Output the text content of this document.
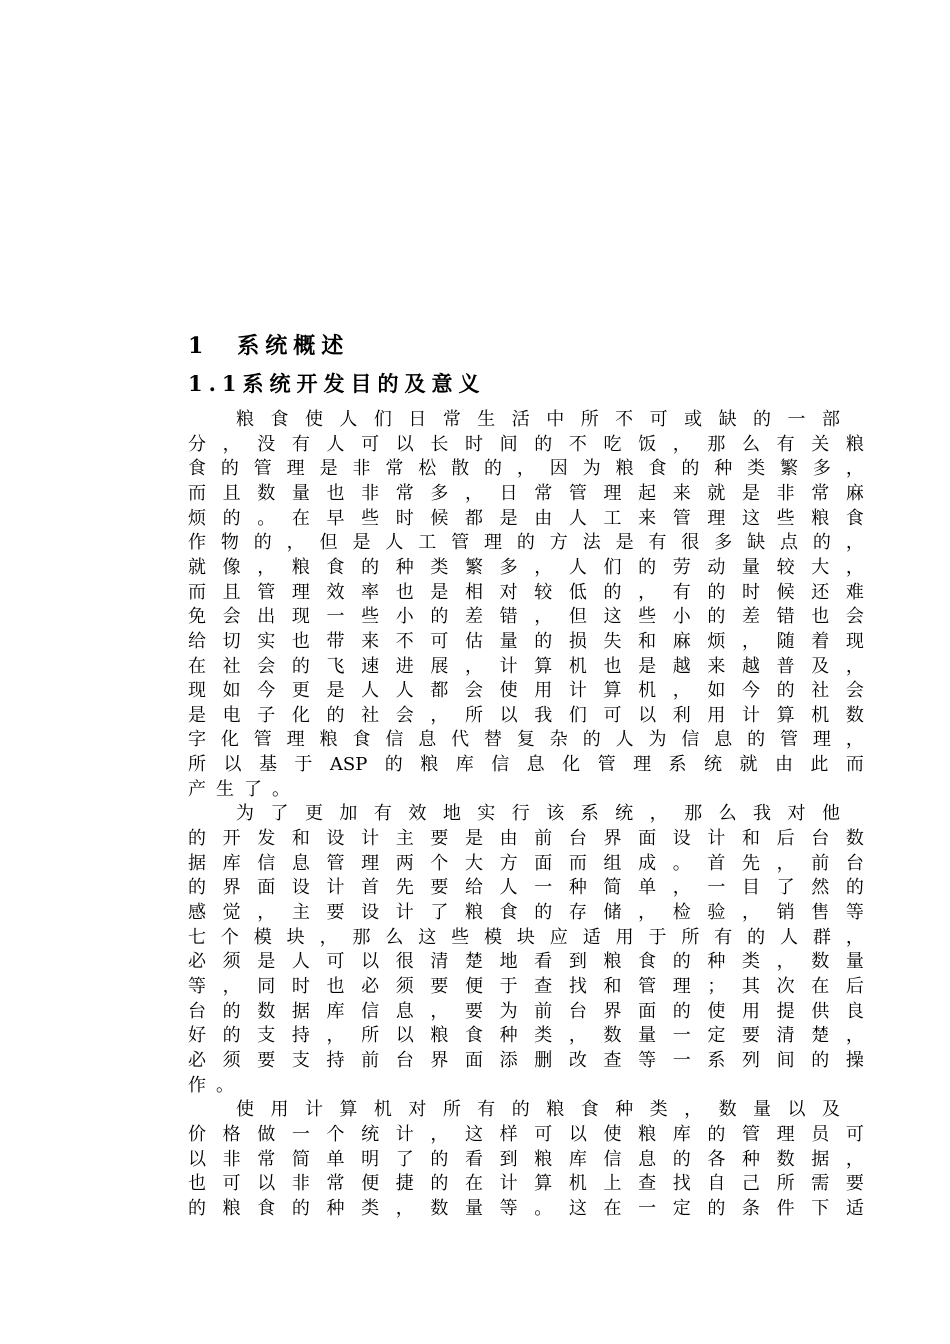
1　系统概述
1.1系统开发目的及意义
粮 食 使 人 们 日 常 生 活 中 所 不 可 或 缺 的 一 部
分 ， 没 有 人 可 以 长 时 间 的 不 吃 饭 ， 那 么 有 关 粮
食 的 管 理 是 非 常 松 散 的 ， 因 为 粮 食 的 种 类 繁 多 ，
而 且 数 量 也 非 常 多 ， 日 常 管 理 起 来 就 是 非 常 麻
烦 的 。 在 早 些 时 候 都 是 由 人 工 来 管 理 这 些 粮 食
作 物 的 ， 但 是 人 工 管 理 的 方 法 是 有 很 多 缺 点 的 ，
就 像 ， 粮 食 的 种 类 繁 多 ， 人 们 的 劳 动 量 较 大 ，
而 且 管 理 效 率 也 是 相 对 较 低 的 ， 有 的 时 候 还 难
免 会 出 现 一 些 小 的 差 错 ， 但 这 些 小 的 差 错 也 会
给 切 实 也 带 来 不 可 估 量 的 损 失 和 麻 烦 ， 随 着 现
在 社 会 的 飞 速 进 展 ， 计 算 机 也 是 越 来 越 普 及 ，
现 如 今 更 是 人 人 都 会 使 用 计 算 机 ， 如 今 的 社 会
是 电 子 化 的 社 会 ， 所 以 我 们 可 以 利 用 计 算 机 数
字 化 管 理 粮 食 信 息 代 替 复 杂 的 人 为 信 息 的 管 理 ，
所 以 基 于 ASP 的 粮 库 信 息 化 管 理 系 统 就 由 此 而
产 生 了 。
为 了 更 加 有 效 地 实 行 该 系 统 ， 那 么 我 对 他
的 开 发 和 设 计 主 要 是 由 前 台 界 面 设 计 和 后 台 数
据 库 信 息 管 理 两 个 大 方 面 而 组 成 。 首 先 ， 前 台
的 界 面 设 计 首 先 要 给 人 一 种 简 单 ， 一 目 了 然 的
感 觉 ， 主 要 设 计 了 粮 食 的 存 储 ， 检 验 ， 销 售 等
七 个 模 块 ， 那 么 这 些 模 块 应 适 用 于 所 有 的 人 群 ，
必 须 是 人 可 以 很 清 楚 地 看 到 粮 食 的 种 类 ， 数 量
等 ， 同 时 也 必 须 要 便 于 查 找 和 管 理 ； 其 次 在 后
台 的 数 据 库 信 息 ， 要 为 前 台 界 面 的 使 用 提 供 良
好 的 支 持 ， 所 以 粮 食 种 类 ， 数 量 一 定 要 清 楚 ，
必 须 要 支 持 前 台 界 面 添 删 改 查 等 一 系 列 间 的 操
作 。
使 用 计 算 机 对 所 有 的 粮 食 种 类 ， 数 量 以 及
价 格 做 一 个 统 计 ， 这 样 可 以 使 粮 库 的 管 理 员 可
以 非 常 简 单 明 了 的 看 到 粮 库 信 息 的 各 种 数 据 ，
也 可 以 非 常 便 捷 的 在 计 算 机 上 查 找 自 己 所 需 要
的 粮 食 的 种 类 ， 数 量 等 。 这 在 一 定 的 条 件 下 适
